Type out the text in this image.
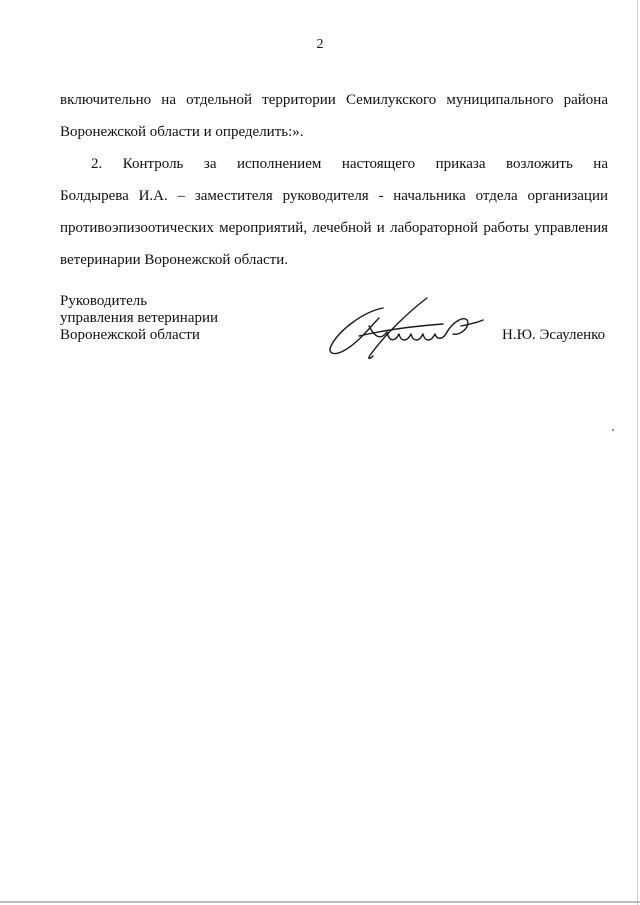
2
включительно на отдельной территории Семилукского муниципального района
Воронежской области и определить:».
2. Контроль за исполнением настоящего приказа возложить на
Болдырева И.А. – заместителя руководителя - начальника отдела организации
противоэпизоотических мероприятий, лечебной и лабораторной работы управления
ветеринарии Воронежской области.
Руководитель
управления ветеринарии
Воронежской области	Н.Ю. Эсауленко
